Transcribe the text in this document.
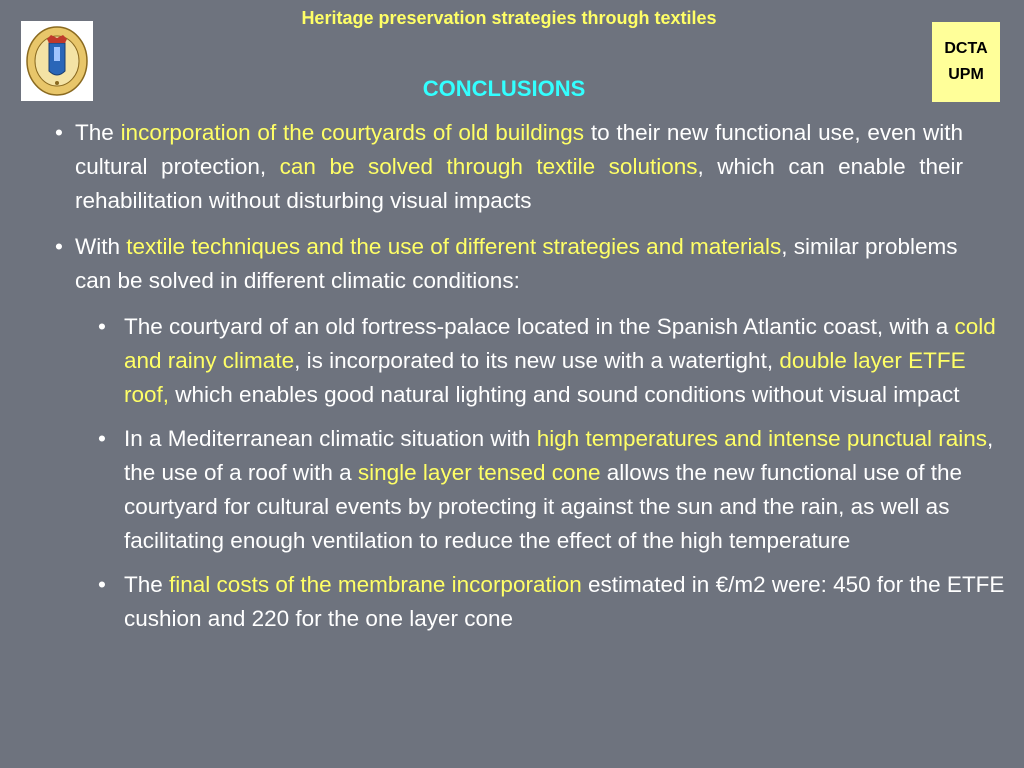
Heritage preservation strategies through textiles
DCTA
UPM
CONCLUSIONS
• The incorporation of the courtyards of old buildings to their new functional use, even with cultural protection, can be solved through textile solutions, which can enable their rehabilitation without disturbing visual impacts
• With textile techniques and the use of different strategies and materials, similar problems can be solved in different climatic conditions:
• The courtyard of an old fortress-palace located in the Spanish Atlantic coast, with a cold and rainy climate, is incorporated to its new use with a watertight, double layer ETFE roof, which enables good natural lighting and sound conditions without visual impact
• In a Mediterranean climatic situation with high temperatures and intense punctual rains, the use of a roof with a single layer tensed cone allows the new functional use of the courtyard for cultural events by protecting it against the sun and the rain, as well as facilitating enough ventilation to reduce the effect of the high temperature
• The final costs of the membrane incorporation estimated in €/m2 were: 450 for the ETFE cushion and 220 for the one layer cone
